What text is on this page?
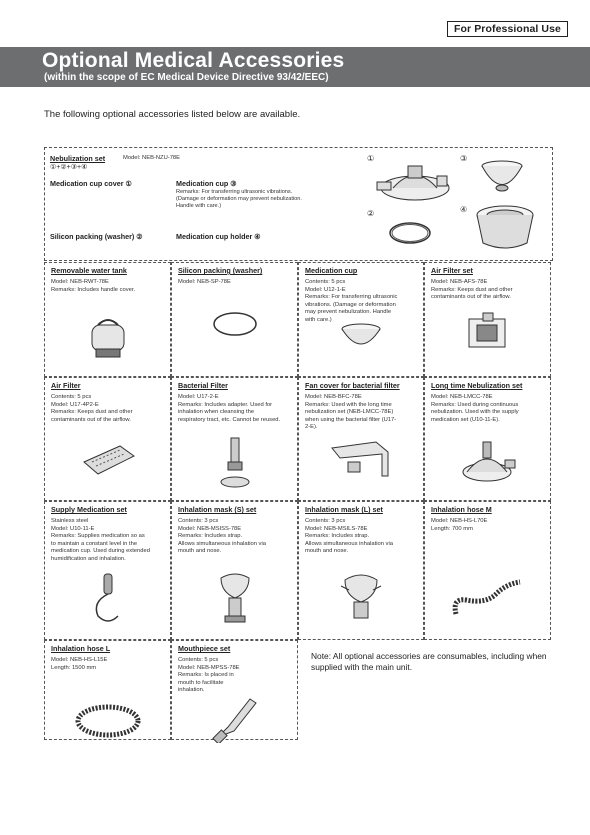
For Professional Use
Optional Medical Accessories
(within the scope of EC Medical Device Directive 93/42/EEC)
The following optional accessories listed below are available.
Nebulization set	Model: NEB-NZU-78E
①+②+③+④
Medication cup cover ①	Medication cup ③
Remarks: For transferring ultrasonic vibrations.
(Damage or deformation may prevent nebulization.
Handle with care.)
Silicon packing (washer) ②	Medication cup holder ④
①
②
③
④
Removable water tank
Model: NEB-RWT-78E
Remarks: Includes handle cover.
Silicon packing (washer)
Model: NEB-SP-78E
Medication cup
Contents: 5 pcs
Model: U12-1-E
Remarks: For transferring ultrasonic
vibrations. (Damage or deformation
may prevent nebulization. Handle
with care.)
Air Filter set
Model: NEB-AFS-78E
Remarks: Keeps dust and other
contaminants out of the airflow.
Air Filter
Contents: 5 pcs
Model: U17-4P2-E
Remarks: Keeps dust and other
contaminants out of the airflow.
Bacterial Filter
Model: U17-2-E
Remarks: Includes adapter. Used for
inhalation when cleansing the
respiratory tract, etc. Cannot be reused.
Fan cover for bacterial filter
Model: NEB-BFC-78E
Remarks: Used with the long time
nebulization set (NEB-LMCC-78E)
when using the bacterial filter (U17-
2-E).
Long time Nebulization set
Model: NEB-LMCC-78E
Remarks: Used during continuous
nebulization. Used with the supply
medication set (U10-11-E).
Supply Medication set
Stainless steel
Model: U10-11-E
Remarks: Supplies medication so as
to maintain a constant level in the
medication cup. Used during extended
humidification and inhalation.
Inhalation mask (S) set
Contents: 3 pcs
Model: NEB-MSISS-78E
Remarks: Includes strap.
Allows simultaneous inhalation via
mouth and nose.
Inhalation mask (L) set
Contents: 3 pcs
Model: NEB-MSILS-78E
Remarks: Includes strap.
Allows simultaneous inhalation via
mouth and nose.
Inhalation hose M
Model: NEB-HS-L70E
Length: 700 mm
Inhalation hose L
Model: NEB-HS-L15E
Length: 1500 mm
Mouthpiece set
Contents: 5 pcs
Model: NEB-MPSS-78E
Remarks: Is placed in
mouth to facilitate
inhalation.
Note: All optional accessories are consumables, including when supplied with the main unit.
